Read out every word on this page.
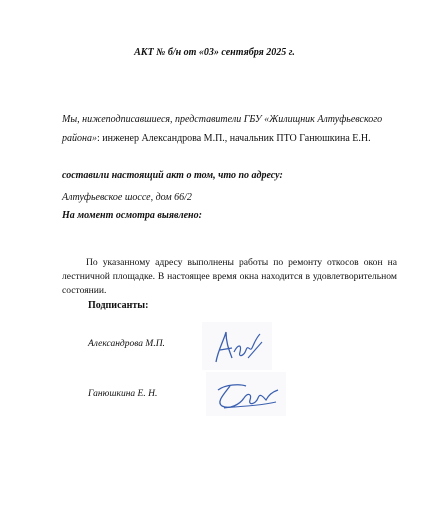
АКТ № б/н от «03» сентября 2025 г.
Мы, нижеподписавшиеся, представители ГБУ «Жилищник Алтуфьевского
района»: инженер Александрова М.П., начальник ПТО Ганюшкина Е.Н.
составили настоящий акт о том, что по адресу:
Алтуфьевское шоссе, дом 66/2
На момент осмотра выявлено:
По указанному адресу выполнены работы по ремонту откосов окон на лестничной площадке. В настоящее время окна находится в удовлетворительном состоянии.
Подписанты:
Александрова М.П.
Ганюшкина Е. Н.
